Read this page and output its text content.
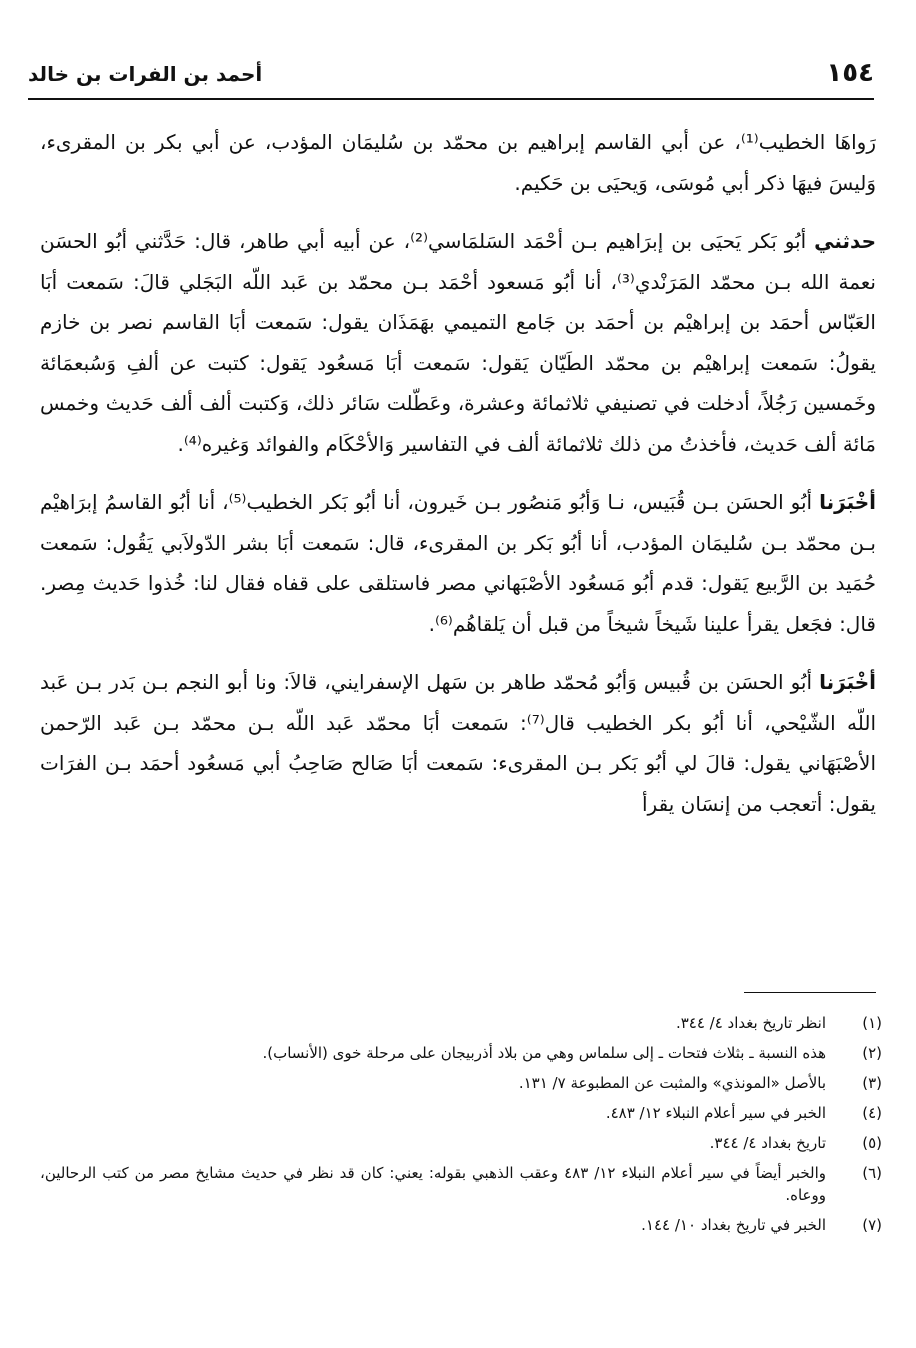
١٥٤
أحمد بن الفرات بن خالد

رَواهَا الخطيب⁽¹⁾، عن أبي القاسم إبراهيم بن محمّد بن سُليمَان المؤدب، عن أبي بكر بن المقرىء، وَليسَ فيهَا ذكر أبي مُوسَى، وَيحيَى بن حَكيم.

حدثني أبُو بَكر يَحيَى بن إبرَاهيم بـن أحْمَد السَلمَاسي⁽²⁾، عن أبيه أبي طاهر، قال: حَدَّثني أبُو الحسَن نعمة الله بـن محمّد المَرَنْدي⁽³⁾، أنا أبُو مَسعود أحْمَد بـن محمّد بن عَبد اللّه البَجَلي قالَ: سَمعت أبَا العَبّاس أحمَد بن إبراهيْم بن أحمَد بن جَامع التميمي بهَمَذَان يقول: سَمعت أبَا القاسم نصر بن خازم يقولُ: سَمعت إبراهيْم بن محمّد الطَيّان يَقول: سَمعت أبَا مَسعُود يَقول: كتبت عن ألفِ وَسُبعمَائة وخَمسين رَجُلاً، أدخلت في تصنيفي ثلاثمائة وعشرة، وعَطّلت سَائر ذلك، وَكتبت ألف ألف حَديث وخمس مَائة ألف حَديث، فأخذتُ من ذلك ثلاثمائة ألف في التفاسير وَالأحْكَام والفوائد وَغيره⁽⁴⁾.

أخْبَرَنا أبُو الحسَن بـن قُبَيس، نـا وَأبُو مَنصُور بـن خَيرون، أنا أبُو بَكر الخطيب⁽⁵⁾، أنا أبُو القاسمُ إبرَاهيْم بـن محمّد بـن سُليمَان المؤدب، أنا أبُو بَكر بن المقرىء، قال: سَمعت أبَا بشر الدّولاَبي يَقُول: سَمعت حُمَيد بن الرَّبيع يَقول: قدم أبُو مَسعُود الأصْبَهاني مصر فاستلقى على قفاه فقال لنا: خُذوا حَديث مِصر. قال: فجَعل يقرأ علينا شَيخاً شيخاً من قبل أن يَلقاهُم⁽⁶⁾.

أخْبَرَنا أبُو الحسَن بن قُبيس وَأبُو مُحمّد طاهر بن سَهل الإسفرايني، قالاَ: ونا أبو النجم بـن بَدر بـن عَبد اللّه الشّيْحي، أنا أبُو بكر الخطيب قال⁽⁷⁾: سَمعت أبَا محمّد عَبد اللّه بـن محمّد بـن عَبد الرّحمن الأصْبَهَاني يقول: قالَ لي أبُو بَكر بـن المقرىء: سَمعت أبَا صَالح صَاحِبُ أبي مَسعُود أحمَد بـن الفرَات يقول: أتعجب من إنسَان يقرأ

(١)
انظر تاريخ بغداد ٤/ ٣٤٤.
(٢)
هذه النسبة ـ بثلاث فتحات ـ إلى سلماس وهي من بلاد أذربيجان على مرحلة خوى (الأنساب).
(٣)
بالأصل «المونذي» والمثبت عن المطبوعة ٧/ ١٣١.
(٤)
الخبر في سير أعلام النبلاء ١٢/ ٤٨٣.
(٥)
تاريخ بغداد ٤/ ٣٤٤.
(٦)
والخبر أيضاً في سير أعلام النبلاء ١٢/ ٤٨٣ وعقب الذهبي بقوله: يعني: كان قد نظر في حديث مشايخ مصر من كتب الرحالين، ووعاه.
(٧)
الخبر في تاريخ بغداد ١٠/ ١٤٤.
